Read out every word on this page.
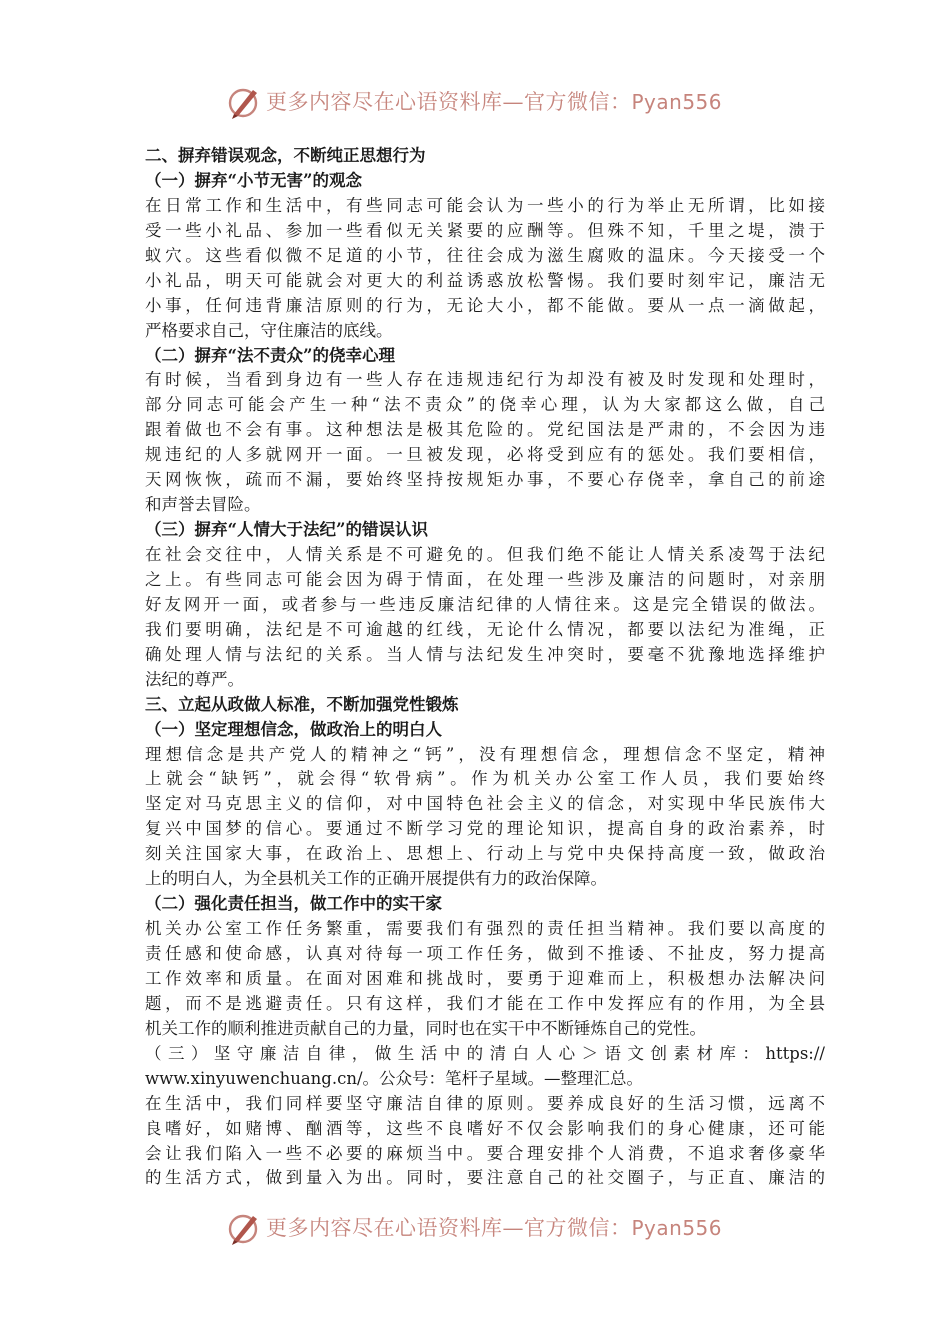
更多内容尽在心语资料库—官方微信：Pyan556
二、摒弃错误观念，不断纯正思想行为
（一）摒弃“小节无害”的观念
在日常工作和生活中，有些同志可能会认为一些小的行为举止无所谓，比如接
受一些小礼品、参加一些看似无关紧要的应酬等。但殊不知，千里之堤，溃于
蚁穴。这些看似微不足道的小节，往往会成为滋生腐败的温床。今天接受一个
小礼品，明天可能就会对更大的利益诱惑放松警惕。我们要时刻牢记，廉洁无
小事，任何违背廉洁原则的行为，无论大小，都不能做。要从一点一滴做起，
严格要求自己，守住廉洁的底线。
（二）摒弃“法不责众”的侥幸心理
有时候，当看到身边有一些人存在违规违纪行为却没有被及时发现和处理时，
部分同志可能会产生一种“法不责众”的侥幸心理，认为大家都这么做，自己
跟着做也不会有事。这种想法是极其危险的。党纪国法是严肃的，不会因为违
规违纪的人多就网开一面。一旦被发现，必将受到应有的惩处。我们要相信，
天网恢恢，疏而不漏，要始终坚持按规矩办事，不要心存侥幸，拿自己的前途
和声誉去冒险。
（三）摒弃“人情大于法纪”的错误认识
在社会交往中，人情关系是不可避免的。但我们绝不能让人情关系凌驾于法纪
之上。有些同志可能会因为碍于情面，在处理一些涉及廉洁的问题时，对亲朋
好友网开一面，或者参与一些违反廉洁纪律的人情往来。这是完全错误的做法。
我们要明确，法纪是不可逾越的红线，无论什么情况，都要以法纪为准绳，正
确处理人情与法纪的关系。当人情与法纪发生冲突时，要毫不犹豫地选择维护
法纪的尊严。
三、立起从政做人标准，不断加强党性锻炼
（一）坚定理想信念，做政治上的明白人
理想信念是共产党人的精神之“钙”，没有理想信念，理想信念不坚定，精神
上就会“缺钙”，就会得“软骨病”。作为机关办公室工作人员，我们要始终
坚定对马克思主义的信仰，对中国特色社会主义的信念，对实现中华民族伟大
复兴中国梦的信心。要通过不断学习党的理论知识，提高自身的政治素养，时
刻关注国家大事，在政治上、思想上、行动上与党中央保持高度一致，做政治
上的明白人，为全县机关工作的正确开展提供有力的政治保障。
（二）强化责任担当，做工作中的实干家
机关办公室工作任务繁重，需要我们有强烈的责任担当精神。我们要以高度的
责任感和使命感，认真对待每一项工作任务，做到不推诿、不扯皮，努力提高
工作效率和质量。在面对困难和挑战时，要勇于迎难而上，积极想办法解决问
题，而不是逃避责任。只有这样，我们才能在工作中发挥应有的作用，为全县
机关工作的顺利推进贡献自己的力量，同时也在实干中不断锤炼自己的党性。
（三）坚守廉洁自律，做生活中的清白人心＞语文创素材库：https://
www.xinyuwenchuang.cn/。公众号：笔杆子星域。—整理汇总。
在生活中，我们同样要坚守廉洁自律的原则。要养成良好的生活习惯，远离不
良嗜好，如赌博、酗酒等，这些不良嗜好不仅会影响我们的身心健康，还可能
会让我们陷入一些不必要的麻烦当中。要合理安排个人消费，不追求奢侈豪华
的生活方式，做到量入为出。同时，要注意自己的社交圈子，与正直、廉洁的
更多内容尽在心语资料库—官方微信：Pyan556
